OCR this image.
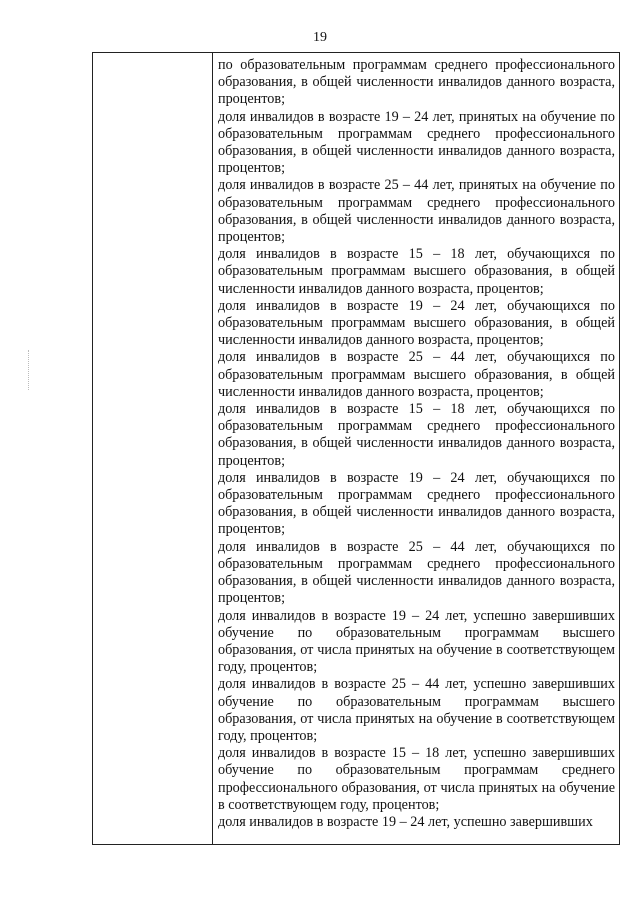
19

по образовательным программам среднего профессионального образования, в общей численности инвалидов данного возраста, процентов;

доля инвалидов в возрасте 19 – 24 лет, принятых на обучение по образовательным программам среднего профессионального образования, в общей численности инвалидов данного возраста, процентов;

доля инвалидов в возрасте 25 – 44 лет, принятых на обучение по образовательным программам среднего профессионального образования, в общей численности инвалидов данного возраста, процентов;

доля инвалидов в возрасте 15 – 18 лет, обучающихся по образовательным программам высшего образования, в общей численности инвалидов данного возраста, процентов;

доля инвалидов в возрасте 19 – 24 лет, обучающихся по образовательным программам высшего образования, в общей численности инвалидов данного возраста, процентов;

доля инвалидов в возрасте 25 – 44 лет, обучающихся по образовательным программам высшего образования, в общей численности инвалидов данного возраста, процентов;

доля инвалидов в возрасте 15 – 18 лет, обучающихся по образовательным программам среднего профессионального образования, в общей численности инвалидов данного возраста, процентов;

доля инвалидов в возрасте 19 – 24 лет, обучающихся по образовательным программам среднего профессионального образования, в общей численности инвалидов данного возраста, процентов;

доля инвалидов в возрасте 25 – 44 лет, обучающихся по образовательным программам среднего профессионального образования, в общей численности инвалидов данного возраста, процентов;

доля инвалидов в возрасте 19 – 24 лет, успешно завершивших обучение по образовательным программам высшего образования, от числа принятых на обучение в соответствующем году, процентов;

доля инвалидов в возрасте 25 – 44 лет, успешно завершивших обучение по образовательным программам высшего образования, от числа принятых на обучение в соответствующем году, процентов;

доля инвалидов в возрасте 15 – 18 лет, успешно завершивших обучение по образовательным программам среднего профессионального образования, от числа принятых на обучение в соответствующем году, процентов;

доля инвалидов в возрасте 19 – 24 лет, успешно завершивших
